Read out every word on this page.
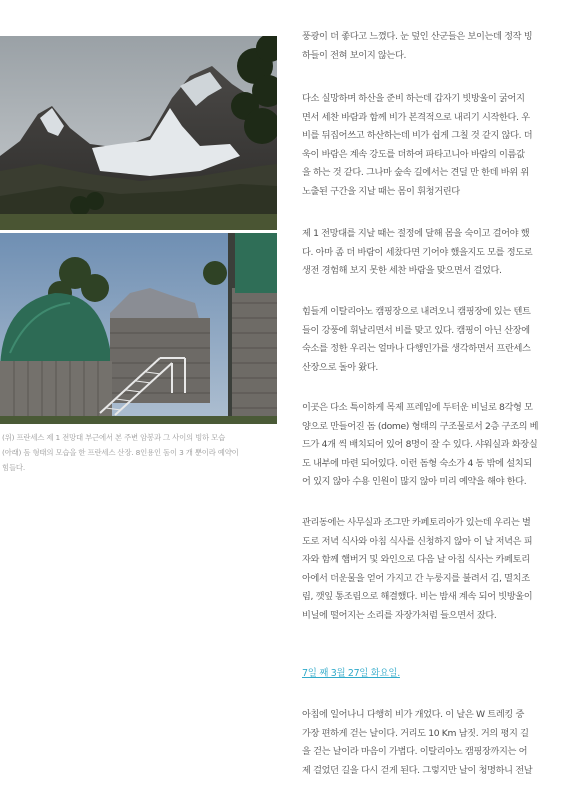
(위) 프란세스 제 1 전망대 부근에서 본 주변 암봉과 그 사이의 빙하 모습
(아래) 돔 형태의 모습을 한 프란세스 산장. 8인용인 돔이 3 개 뿐이라 예약이
힘들다.
풍광이 더 좋다고 느꼈다. 눈 덮인 산군들은 보이는데 정작 빙
하들이 전혀 보이지 않는다.
다소 실망하며 하산을 준비 하는데 갑자기 빗방울이 굵어지
면서 세찬 바람과 함께 비가 본격적으로 내리기 시작한다. 우
비를 뒤집어쓰고 하산하는데 비가 쉽게 그칠 것 같지 않다. 더
욱이 바람은 계속 강도를 더하여 파타고니아 바람의 이름값
을 하는 것 같다. 그나마 숲속 길에서는 견딜 만 한데 바위 위
노출된 구간을 지날 때는 몸이 휘청거린다
제 1 전망대를 지날 때는 절정에 달해 몸을 숙이고 걸어야 했
다. 아마 좀 더 바람이 세찼다면 기어야 했을지도 모를 정도로
생전 경험해 보지 못한 세찬 바람을 맞으면서 걸었다.
힘들게 이탈리아노 캠핑장으로 내려오니 캠핑장에 있는 텐트
들이 강풍에 휘날리면서 비를 맞고 있다. 캠핑이 아닌 산장에
숙소를 정한 우리는 얼마나 다행인가를 생각하면서 프란세스
산장으로 돌아 왔다.
이곳은 다소 특이하게 목제 프레임에 두터운 비닐로 8각형 모
양으로 만들어진 돔 (dome) 형태의 구조물로서 2층 구조의 베
드가 4개 씩 배치되어 있어 8명이 잘 수 있다. 샤워실과 화장실
도 내부에 마련 되어있다. 이런 돔형 숙소가 4 동 밖에 설치되
어 있지 않아 수용 인원이 많지 않아 미리 예약을 해야 한다.
관리동에는 사무실과 조그만 카페토리아가 있는데 우리는 별
도로 저녁 식사와 아침 식사를 신청하지 않아 이 날 저녁은 피
자와 함께 햄버거 및 와인으로 다음 날 아침 식사는 카페토리
아에서 더운물을 얻어 가지고 간 누룽지를 불려서 김, 멸치조
림, 깻잎 통조림으로 해결했다. 비는 밤새 계속 되어 빗방울이
비닐에 떨어지는 소리를 자장가처럼 들으면서 잤다.
7일 째 3월 27일 화요일.
아침에 일어나니 다행히 비가 개었다. 이 날은 W 트레킹 중
가장 편하게 걷는 날이다. 거리도 10 Km 남짓. 거의 평지 길
을 걷는 날이라 마음이 가볍다. 이탈리아노 캠핑장까지는 어
제 걸었던 길을 다시 걷게 된다. 그렇지만 날이 청명하니 전날
